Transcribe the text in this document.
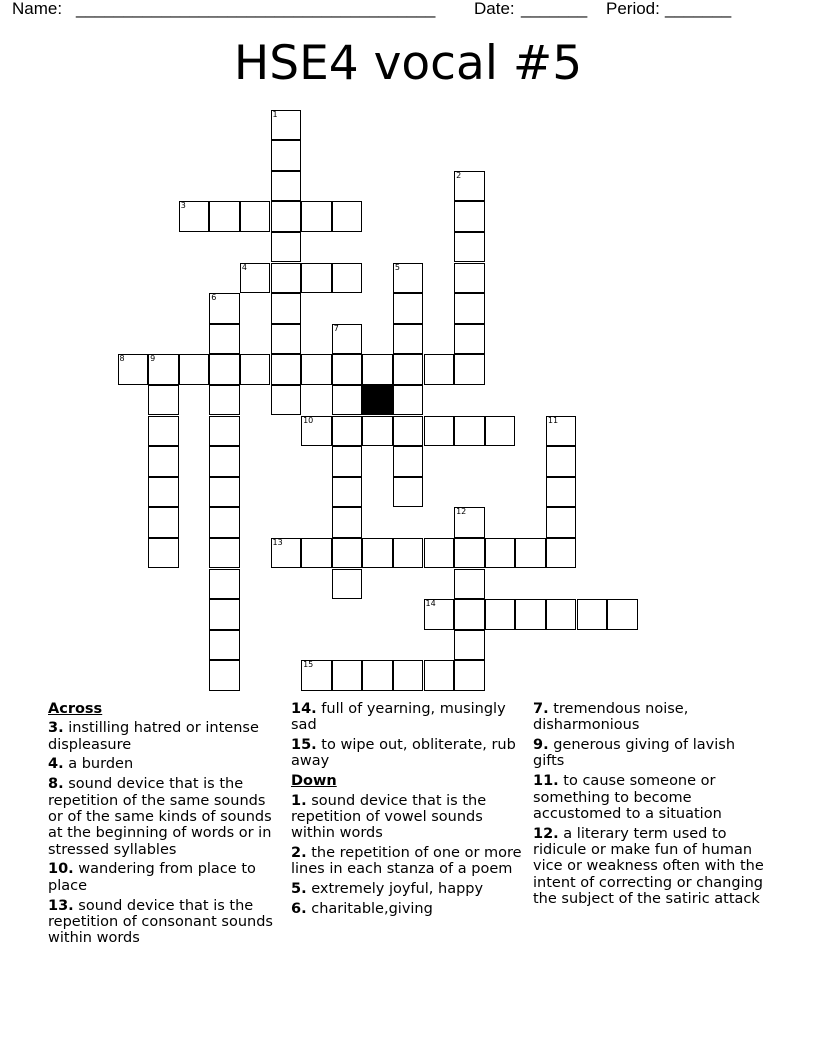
Name: ______________________________________ Date: _______ Period: _______
HSE4 vocal #5
1
2
3
4	5
6
7
8	9
10	11
12
13
14
15
Across
3. instilling hatred or intense displeasure
4. a burden
8. sound device that is the repetition of the same sounds or of the same kinds of sounds at the beginning of words or in stressed syllables
10. wandering from place to place
13. sound device that is the repetition of consonant sounds within words
14. full of yearning, musingly sad
15. to wipe out, obliterate, rub away
Down
1. sound device that is the repetition of vowel sounds within words
2. the repetition of one or more lines in each stanza of a poem
5. extremely joyful, happy
6. charitable,giving
7. tremendous noise, disharmonious
9. generous giving of lavish gifts
11. to cause someone or something to become accustomed to a situation
12. a literary term used to ridicule or make fun of human vice or weakness often with the intent of correcting or changing the subject of the satiric attack
